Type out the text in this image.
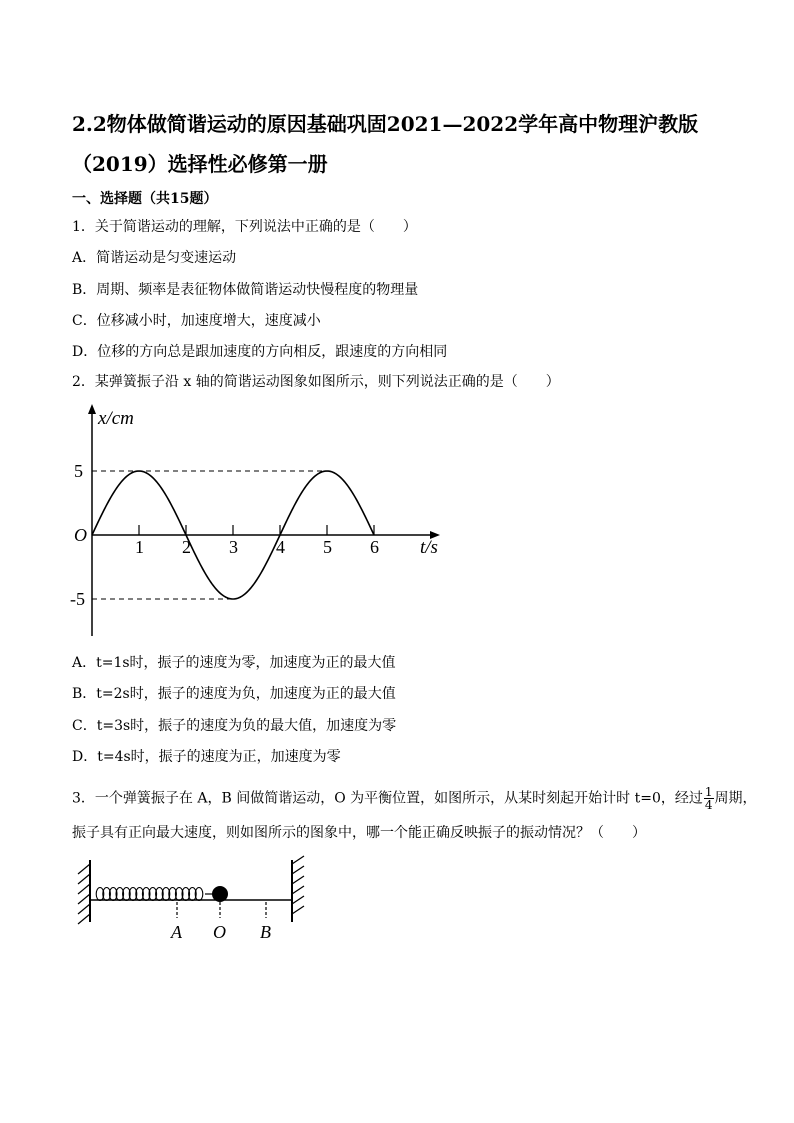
2.2物体做简谐运动的原因基础巩固2021—2022学年高中物理沪教版（2019）选择性必修第一册
一、选择题（共15题）
1．关于简谐运动的理解，下列说法中正确的是（　　）
A．简谐运动是匀变速运动
B．周期、频率是表征物体做简谐运动快慢程度的物理量
C．位移减小时，加速度增大，速度减小
D．位移的方向总是跟加速度的方向相反，跟速度的方向相同
2．某弹簧振子沿 x 轴的简谐运动图象如图所示，则下列说法正确的是（　　）
x/cm
t/s
O
5
-5
1 2 3 4 5 6
A．t=1s时，振子的速度为零，加速度为正的最大值
B．t=2s时，振子的速度为负，加速度为正的最大值
C．t=3s时，振子的速度为负的最大值，加速度为零
D．t=4s时，振子的速度为正，加速度为零
3．一个弹簧振子在 A，B 间做简谐运动，O 为平衡位置，如图所示，从某时刻起开始计时 t=0，经过 $\frac{1}{4}$ 周期，
振子具有正向最大速度，则如图所示的图象中，哪一个能正确反映振子的振动情况？（　　）
A O B
